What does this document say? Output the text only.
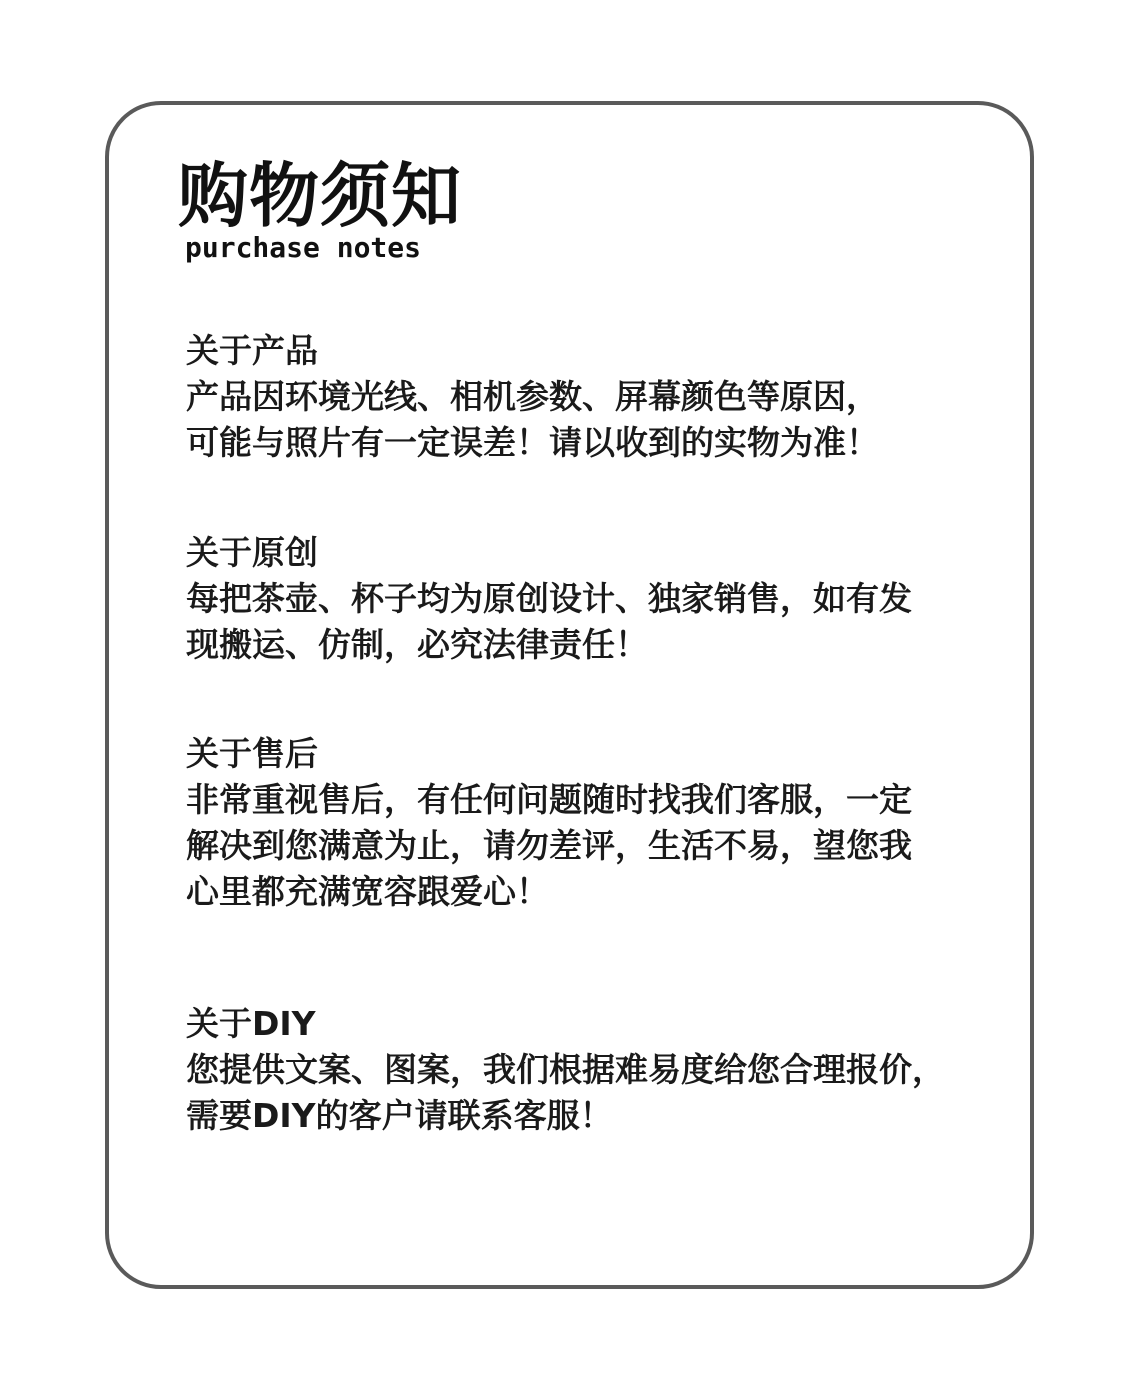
购物须知
purchase notes

关于产品

产品因环境光线、相机参数、屏幕颜色等原因，

可能与照片有一定误差！请以收到的实物为准！

关于原创

每把茶壶、杯子均为原创设计、独家销售，如有发

现搬运、仿制，必究法律责任！

关于售后

非常重视售后，有任何问题随时找我们客服，一定

解决到您满意为止，请勿差评，生活不易，望您我

心里都充满宽容跟爱心！

关于DIY

您提供文案、图案，我们根据难易度给您合理报价，

需要DIY的客户请联系客服！
